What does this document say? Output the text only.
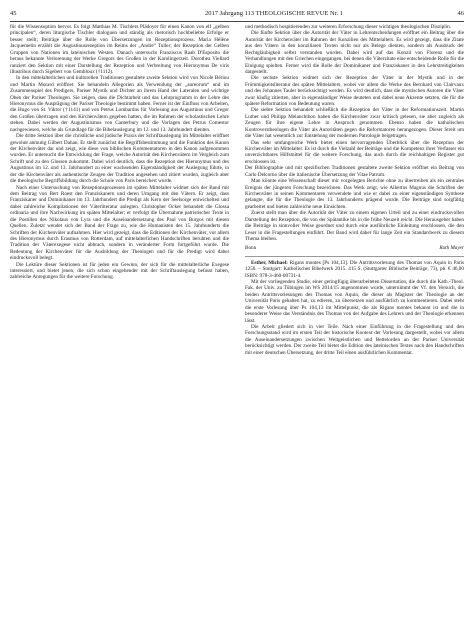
45	2017 Jahrgang 113 THEOLOGISCHE REVUE Nr. 1	46

für die Wissensoption hervor. Es folgt Matthias M. Tischlers Plädoyer für einen Kanon von elf „gelben principalen“, deren liturgische Tischler dialoguen und ständig als rhetorisch hochbeliebte Erfolge er besser stellt; Beiträge über die Rolle von Übersetzungen im Rezeptionsprozess. Maria Hélène Jacquemetin erzählt die Augustinusrezeption im Reims der „Andre“ Tuller; der Rezeption der Gelben Gruppen von Nationen im lateinischen Westen. Danach untersucht Franziscus Raab D'Esposito die heraus bekannte Verlorenung der Werke Gregors des Großen in der Karolingerzeit. Dorothea Viellard ranziert den Sektion mit einer Darstellung der Rezeption und Verbreitung von Hieronymus De viris illustribus durch Sigebert von Gembloux (†1112).

In den mittelalterlichen und kulturellen Traditionen gestaltete zweite Sektion wird von Nicole Bériou und Martin Morard eröffnet. Sie behandeln Allegorien als Verwendung der „aureorum“ und im Zusammenspiel des Predigers, Pariser Mystik und Dichter an ihrem Hand der Lateralen und wichtige Oben der Pariser Theologen. Sie zeigen, dass die Dichtarbeit und das Lehrprogramm in der Lehre des Hieronymus die Ausprägung der Pariser Theologie bestimmt haben. Ferner ist der Einfluss von Arbeiten, die Hugo von St. Viktor (†1141) und von Petrus Lombardus für Vorlesung aus Augustinus und Gregor den Großen übertragen und den Kirchenvätern gegeben hatten, die im Rahmen der scholastischen Lehre stehen. Dabei werden der Augustinismus von Canterbury und die Vorlagen des Petrus Comestor nachgewiesen, welche als Grundlage für die Bibelauslegung im 12. und 13. Jahrhundert dienten.

Die dritte Sektion über die christliche und jüdische Praxis der Schriftauslegung im Mittelalter eröffnet gewohnt anmutig Gilbert Dahan. Er stellt zunächst die Begriffsbestimmung und die Funktion des Kanon der Kirchenväter dar und zeigt, wie diese von biblischen Kommentatoren in den Kanon aufgenommen wurden. Er untersucht die Entwicklung der Frage, welche Autorität den Kirchenvätern im Vergleich zum Schrift und zu den Glossen zukommt. Dabei wird deutlich, dass die Rezeption des Hieronymus und des Augustinus im 12. und 13. Jahrhundert zu einer wachsenden Eigenständigkeit der Auslegung führte, in der die Kirchenväter als authentische Zeugen der Tradition angesehen und zitiert wurden, zugleich aber die theologische Begriffsbildung durch die Schule von Paris bereichert wurde.

Nach einer Untersuchung von Rezeptionsprozessen im späten Mittelalter widmet sich der Band mit dem Beitrag von Bert Roest den Franziskanern und deren Umgang mit den Vätern. Er zeigt, dass Franziskaner und Dominikaner im 13. Jahrhundert die Predigt als Kern der Seelsorge entwickelten und dabei zahlreiche Kompilationen der Väterliteratur anlegten. Christopher Ocker behandelt die Glossa ordinaria und ihre Nachwirkung im späten Mittelalter; er verfolgt die Übernahme patristischer Texte in die Postillen des Nikolaus von Lyra und die Auseinandersetzung des Paul von Burgos mit diesen Quellen. Zuletzt wendet sich der Band der Frage zu, wie die Humanisten des 15. Jahrhunderts die Schriften der Kirchenväter aufnahmen. Hier wird gezeigt, dass die Editionen der Kirchenväter, vor allem des Hieronymus durch Erasmus von Rotterdam, auf mittelalterlichen Handschriften beruhten und die Tradition der Väterexegese nicht abbrach, sondern in veränderter Form fortgeführt wurde. Die Bedeutung der Kirchenväter für die Ausbildung der Theologen und für die Predigt wird dabei eindrucksvoll belegt.

Die Lektüre dieser Sektionen ist für jeden ein Gewinn, der sich für die mittelalterliche Exegese interessiert, und bietet jenen, die sich schon eingehender mit der Schriftauslegung befasst haben, zahlreiche Anregungen für die weitere Forschung.

und methodisch hospitierenden zur weiteren Erforschung dieser wichtigen theologischen Disziplin.

Die fünfte Sektion über die Autorität der Väter in Lehrentscheidungen eröffnet ein Beitrag über die Autorität der Kirchenväter im Rahmen der Konzilien des Mittelalters. Es wird gezeigt, dass die Zitate aus den Vätern in den konziliaren Texten nicht nur als Belege dienten, sondern als Ausdruck der Rechtgläubigkeit selbst verstanden wurden. Dabei wird auf das Konzil von Florenz und die Verhandlungen mit den Griechen eingegangen, bei denen die Väterzitate eine entscheidende Rolle für die Einigung spielten. Ferner wird die Rolle der Dominikaner und Franziskaner in den Lehrstreitigkeiten dargestellt.

Die sechste Sektion widmet sich der Rezeption der Väter in der Mystik und in der Frömmigkeitsliteratur des späten Mittelalters, wobei vor allem die Werke des Bernhard von Clairvaux und des Johannes Tauler berücksichtigt werden. Es wird deutlich, dass die mystischen Autoren die Väter zwar häufig zitierten, aber in eigenständiger Weise deuteten und dabei neue Akzente setzten, die für die spätere Reformation von Bedeutung waren.

Die siebte Sektion behandelt schließlich die Rezeption der Väter in der Reformationszeit. Martin Luther und Philipp Melanchthon haben die Kirchenväter zwar kritisch gelesen, sie aber zugleich als Zeugen für ihre eigene Lehre in Anspruch genommen. Ebenso haben die katholischen Kontroverstheologen die Väter als Autoritäten gegen die Reformatoren herangezogen. Dieser Streit um die Väter hat wesentlich zur Entstehung der modernen Patrologie beigetragen.

Das sehr umfangreiche Werk bietet einen hervorragenden Überblick über die Rezeption der Kirchenväter im Mittelalter. Es ist durch die Vielzahl der Beiträge und die Kompetenz ihrer Verfasser ein unverzichtbares Hilfsmittel für die weitere Forschung, das auch durch die reichhaltigen Register gut erschlossen ist.

Der Bibliographie und mit spezifischen Traditionen gestaltete zweite Sektion eröffnet ein Beitrag von Carlo Delcorno über die italienische Übersetzung der Vitae Patrum.

Man könnte eine Wissenschaft dieser mir vorgelegten Berichte ohne zu übertreiben als ein zentrales Ereignis der jüngeren Forschung bezeichnen. Das Werk zeigt, wie Albertus Magnus die Schriften der Kirchenväter in seinen Kommentaren verwendete und wie er dabei zu einer eigenständigen Synthese gelangte, die für die Theologie des 13. Jahrhunderts prägend wurde. Die Beiträge sind sorgfältig gearbeitet und bieten zahlreiche neue Einsichten.

Zuerst stellt man über die Autorität der Väter zu einem eigenen Urteil und zu einer eindrucksvollen Darstellung der Rezeption, die von der Spätantike bis in die frühe Neuzeit reicht. Die Herausgeber haben die Beiträge in sinnvoller Weise geordnet und durch eine ausführliche Einleitung erschlossen, die den Leser in die Fragestellungen einführt. Der Band wird daher für lange Zeit ein Standardwerk zu diesem Thema bleiben.

Bonn	Ruth Mayer

Esther, Michael: Rigans montes [Ps 104,13]. Die Antrittsvorlesung des Thomas von Aquin in Paris 1256. – Stuttgart: Katholisches Bibelwerk 2015. 415 S. (Stuttgarter Biblische Beiträge, 73), pb. € 46,00 ISBN: 978-3-460-00731-4.

Mit der vorliegenden Studie, einer geringfügig überarbeiteten Dissertation, die durch die Kath.-Theol. Fak. der Univ. zu Tübingen im WS 2014/15 angenommen wurde, unternimmt der Vf. den Versuch, die beiden Antrittsvorlesungen des Thomas von Aquin, die dieser als Magister der Theologie an der Universität Paris gehalten hat, zu edieren, zu übersetzen und ausführlich zu kommentieren. Dabei steht die erste Vorlesung über Ps 104,13 im Mittelpunkt, die als Rigans montes bekannt ist und die in besonderer Weise das Verständnis des Thomas von der Aufgabe des Lehrers und der Theologie erkennen lässt.

Die Arbeit gliedert sich in vier Teile. Nach einer Einführung in die Fragestellung und den Forschungsstand wird im ersten Teil der historische Kontext der Vorlesung dargestellt, wobei vor allem die Auseinandersetzungen zwischen Weltgeistlichen und Bettelorden an der Pariser Universität berücksichtigt werden. Der zweite Teil bietet die Edition des lateinischen Textes nach den Handschriften mit einer deutschen Übersetzung, der dritte Teil einen ausführlichen Kommentar.
